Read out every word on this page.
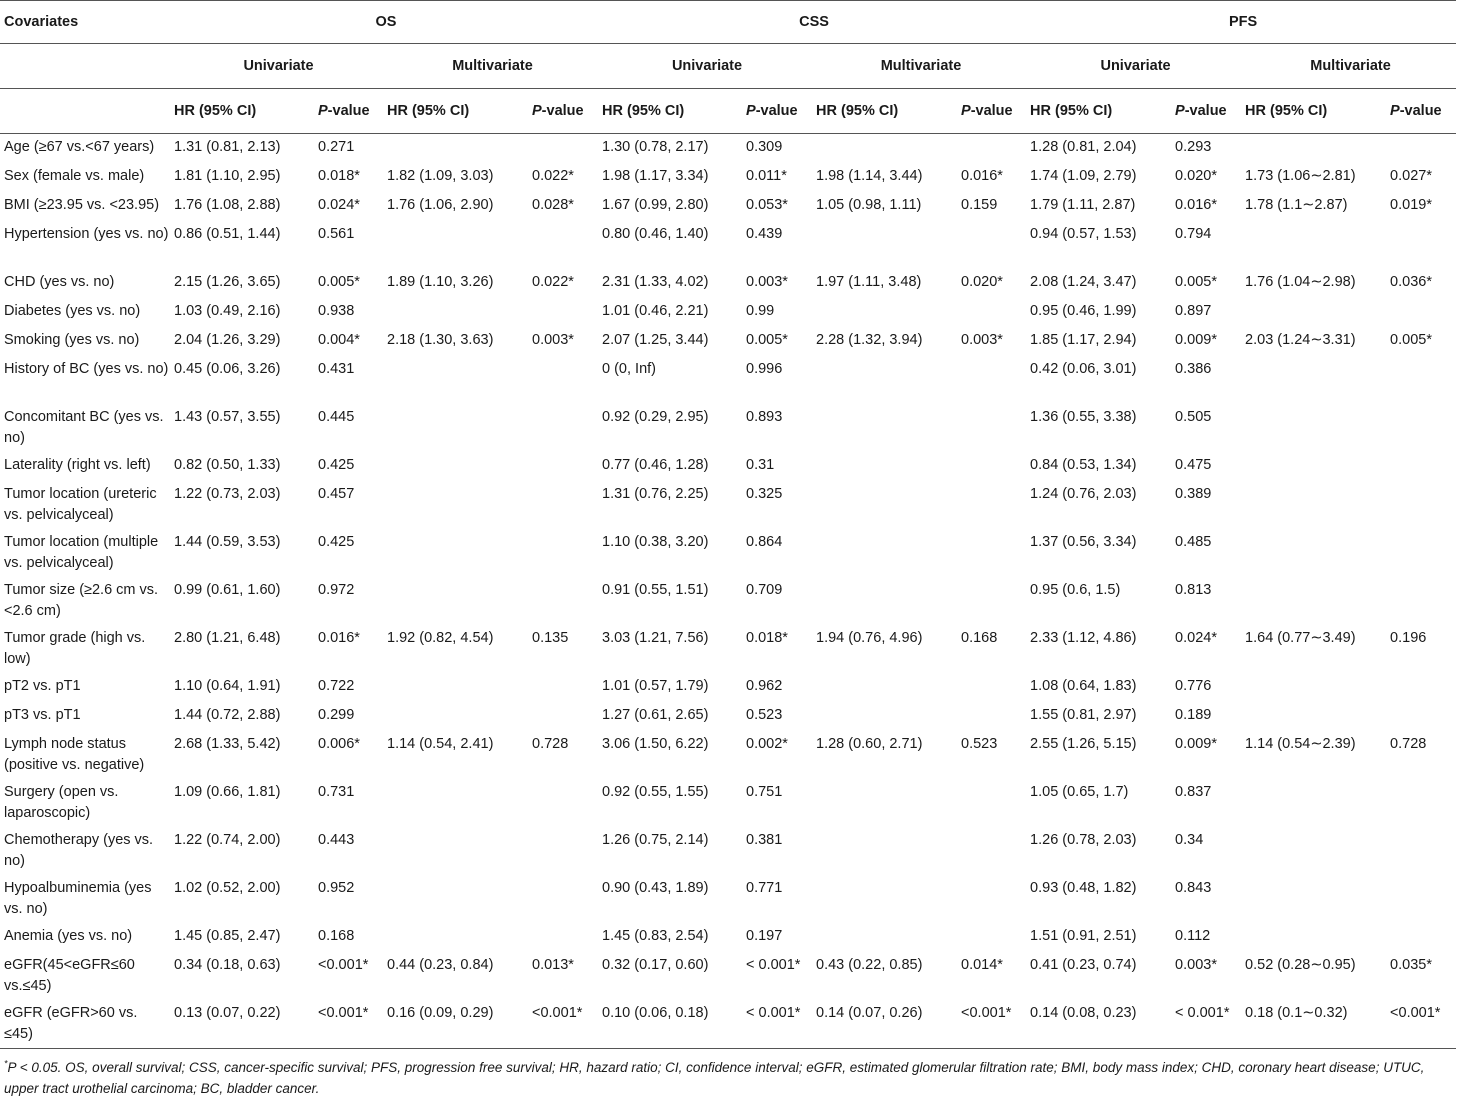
Covariates	OS				CSS				PFS			
	Univariate		Multivariate		Univariate		Multivariate		Univariate		Multivariate	
	HR (95% CI)	P-value	HR (95% CI)	P-value	HR (95% CI)	P-value	HR (95% CI)	P-value	HR (95% CI)	P-value	HR (95% CI)	P-value
Age (≥67 vs.<67 years)	1.31 (0.81, 2.13)	0.271			1.30 (0.78, 2.17)	0.309			1.28 (0.81, 2.04)	0.293		
Sex (female vs. male)	1.81 (1.10, 2.95)	0.018*	1.82 (1.09, 3.03)	0.022*	1.98 (1.17, 3.34)	0.011*	1.98 (1.14, 3.44)	0.016*	1.74 (1.09, 2.79)	0.020*	1.73 (1.06∼2.81)	0.027*
BMI (≥23.95 vs. <23.95)	1.76 (1.08, 2.88)	0.024*	1.76 (1.06, 2.90)	0.028*	1.67 (0.99, 2.80)	0.053*	1.05 (0.98, 1.11)	0.159	1.79 (1.11, 2.87)	0.016*	1.78 (1.1∼2.87)	0.019*
Hypertension (yes vs. no)	0.86 (0.51, 1.44)	0.561			0.80 (0.46, 1.40)	0.439			0.94 (0.57, 1.53)	0.794		
CHD (yes vs. no)	2.15 (1.26, 3.65)	0.005*	1.89 (1.10, 3.26)	0.022*	2.31 (1.33, 4.02)	0.003*	1.97 (1.11, 3.48)	0.020*	2.08 (1.24, 3.47)	0.005*	1.76 (1.04∼2.98)	0.036*
Diabetes (yes vs. no)	1.03 (0.49, 2.16)	0.938			1.01 (0.46, 2.21)	0.99			0.95 (0.46, 1.99)	0.897		
Smoking (yes vs. no)	2.04 (1.26, 3.29)	0.004*	2.18 (1.30, 3.63)	0.003*	2.07 (1.25, 3.44)	0.005*	2.28 (1.32, 3.94)	0.003*	1.85 (1.17, 2.94)	0.009*	2.03 (1.24∼3.31)	0.005*
History of BC (yes vs. no)	0.45 (0.06, 3.26)	0.431			0 (0, Inf)	0.996			0.42 (0.06, 3.01)	0.386		
Concomitant BC (yes vs. no)	1.43 (0.57, 3.55)	0.445			0.92 (0.29, 2.95)	0.893			1.36 (0.55, 3.38)	0.505		
Laterality (right vs. left)	0.82 (0.50, 1.33)	0.425			0.77 (0.46, 1.28)	0.31			0.84 (0.53, 1.34)	0.475		
Tumor location (ureteric vs. pelvicalyceal)	1.22 (0.73, 2.03)	0.457			1.31 (0.76, 2.25)	0.325			1.24 (0.76, 2.03)	0.389		
Tumor location (multiple vs. pelvicalyceal)	1.44 (0.59, 3.53)	0.425			1.10 (0.38, 3.20)	0.864			1.37 (0.56, 3.34)	0.485		
Tumor size (≥2.6 cm vs.<2.6 cm)	0.99 (0.61, 1.60)	0.972			0.91 (0.55, 1.51)	0.709			0.95 (0.6, 1.5)	0.813		
Tumor grade (high vs. low)	2.80 (1.21, 6.48)	0.016*	1.92 (0.82, 4.54)	0.135	3.03 (1.21, 7.56)	0.018*	1.94 (0.76, 4.96)	0.168	2.33 (1.12, 4.86)	0.024*	1.64 (0.77∼3.49)	0.196
pT2 vs. pT1	1.10 (0.64, 1.91)	0.722			1.01 (0.57, 1.79)	0.962			1.08 (0.64, 1.83)	0.776		
pT3 vs. pT1	1.44 (0.72, 2.88)	0.299			1.27 (0.61, 2.65)	0.523			1.55 (0.81, 2.97)	0.189		
Lymph node status (positive vs. negative)	2.68 (1.33, 5.42)	0.006*	1.14 (0.54, 2.41)	0.728	3.06 (1.50, 6.22)	0.002*	1.28 (0.60, 2.71)	0.523	2.55 (1.26, 5.15)	0.009*	1.14 (0.54∼2.39)	0.728
Surgery (open vs. laparoscopic)	1.09 (0.66, 1.81)	0.731			0.92 (0.55, 1.55)	0.751			1.05 (0.65, 1.7)	0.837		
Chemotherapy (yes vs. no)	1.22 (0.74, 2.00)	0.443			1.26 (0.75, 2.14)	0.381			1.26 (0.78, 2.03)	0.34		
Hypoalbuminemia (yes vs. no)	1.02 (0.52, 2.00)	0.952			0.90 (0.43, 1.89)	0.771			0.93 (0.48, 1.82)	0.843		
Anemia (yes vs. no)	1.45 (0.85, 2.47)	0.168			1.45 (0.83, 2.54)	0.197			1.51 (0.91, 2.51)	0.112		
eGFR(45<eGFR≤60 vs.≤45)	0.34 (0.18, 0.63)	<0.001*	0.44 (0.23, 0.84)	0.013*	0.32 (0.17, 0.60)	< 0.001*	0.43 (0.22, 0.85)	0.014*	0.41 (0.23, 0.74)	0.003*	0.52 (0.28∼0.95)	0.035*
eGFR (eGFR>60 vs. ≤45)	0.13 (0.07, 0.22)	<0.001*	0.16 (0.09, 0.29)	<0.001*	0.10 (0.06, 0.18)	< 0.001*	0.14 (0.07, 0.26)	<0.001*	0.14 (0.08, 0.23)	< 0.001*	0.18 (0.1∼0.32)	<0.001*
*P < 0.05. OS, overall survival; CSS, cancer-specific survival; PFS, progression free survival; HR, hazard ratio; CI, confidence interval; eGFR, estimated glomerular filtration rate; BMI, body mass index; CHD, coronary heart disease; UTUC, upper tract urothelial carcinoma; BC, bladder cancer.
